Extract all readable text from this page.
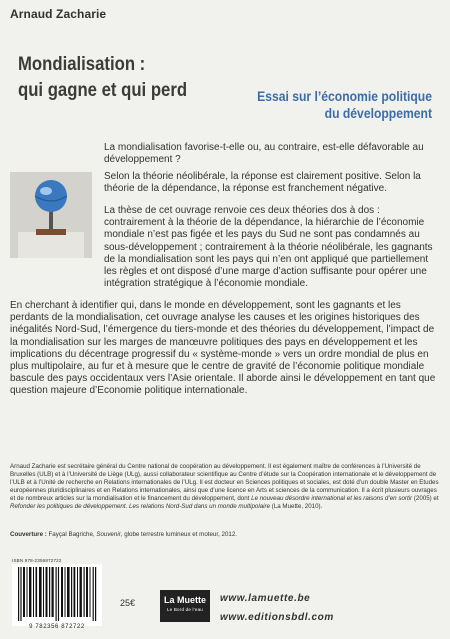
Arnaud Zacharie
Mondialisation :
qui gagne et qui perd	Essai sur l’économie politique
du développement

La mondialisation favorise-t-elle ou, au contraire, est-elle défavorable au développement ?

Selon la théorie néolibérale, la réponse est clairement positive. Selon la théorie de la dépendance, la réponse est franchement négative.

La thèse de cet ouvrage renvoie ces deux théories dos à dos : contrairement à la théorie de la dépendance, la hiérarchie de l’économie mondiale n’est pas figée et les pays du Sud ne sont pas condamnés au sous-développement ; contrairement à la théorie néolibérale, les gagnants de la mondialisation sont les pays qui n’en ont appliqué que partiellement les règles et ont disposé d’une marge d’action suffisante pour opérer une intégration stratégique à l’économie mondiale.

En cherchant à identifier qui, dans le monde en développement, sont les gagnants et les perdants de la mondialisation, cet ouvrage analyse les causes et les origines historiques des inégalités Nord-Sud, l’émergence du tiers-monde et des théories du développement, l’impact de la mondialisation sur les marges de manœuvre politiques des pays en développement et les implications du décentrage progressif du « système-monde » vers un ordre mondial de plus en plus multipolaire, au fur et à mesure que le centre de gravité de l’économie politique mondiale bascule des pays occidentaux vers l’Asie orientale. Il aborde ainsi le développement en tant que question majeure d’Economie politique internationale.

Arnaud Zacharie est secrétaire général du Centre national de coopération au développement. Il est également maître de conférences à l’Université de Bruxelles (ULB) et à l’Université de Liège (ULg), aussi collaborateur scientifique au Centre d’étude sur la Coopération internationale et le développement de l’ULB et à l’Unité de recherche en Relations internationales de l’ULg. Il est docteur en Sciences politiques et sociales, est doté d’un double Master en Etudes européennes pluridisciplinaires et en Relations internationales, ainsi que d’une licence en Arts et sciences de la communication. Il a écrit plusieurs ouvrages et de nombreux articles sur la mondialisation et le financement du développement, dont Le nouveau désordre international et les raisons d’en sortir (2005) et Refonder les politiques de développement. Les relations Nord-Sud dans un monde multipolaire (La Muette, 2010).

Couverture : Fayçal Bagriche, Souvenir, globe terrestre lumineux et moteur, 2012.

ISBN 978-2356872722
9 782356 872722
25€	La Muette
Le Bord de l’eau
www.lamuette.be
www.editionsbdl.com
